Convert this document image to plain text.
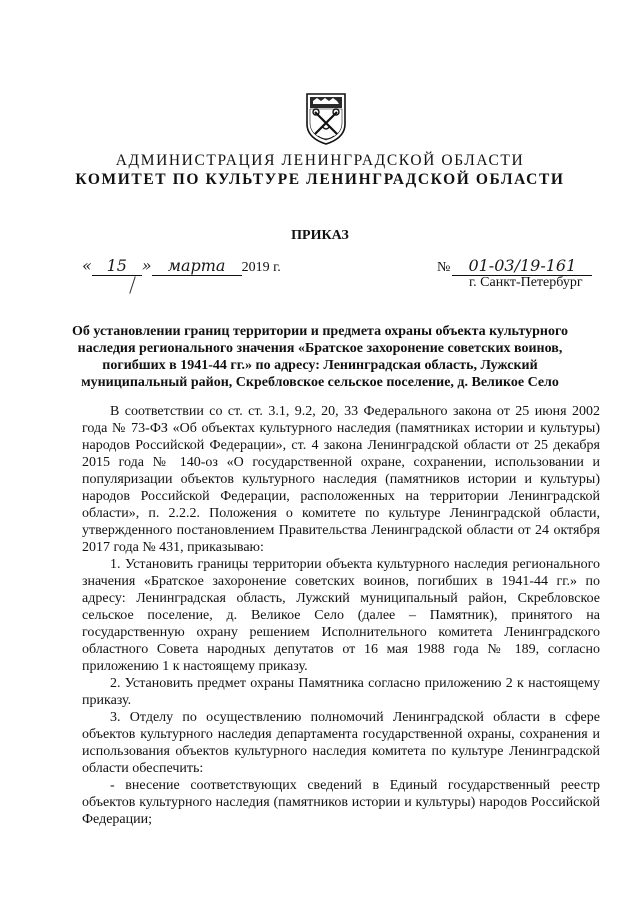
АДМИНИСТРАЦИЯ ЛЕНИНГРАДСКОЙ ОБЛАСТИ
КОМИТЕТ ПО КУЛЬТУРЕ ЛЕНИНГРАДСКОЙ ОБЛАСТИ
ПРИКАЗ
« 15 » марта 2019 г.	№ 01-03/19-161
г. Санкт-Петербург
Об установлении границ территории и предмета охраны объекта культурного наследия регионального значения «Братское захоронение советских воинов, погибших в 1941-44 гг.» по адресу: Ленинградская область, Лужский муниципальный район, Скребловское сельское поселение, д. Великое Село

В соответствии со ст. ст. 3.1, 9.2, 20, 33 Федерального закона от 25 июня 2002 года № 73-ФЗ «Об объектах культурного наследия (памятниках истории и культуры) народов Российской Федерации», ст. 4 закона Ленинградской области от 25 декабря 2015 года № 140-оз «О государственной охране, сохранении, использовании и популяризации объектов культурного наследия (памятников истории и культуры) народов Российской Федерации, расположенных на территории Ленинградской области», п. 2.2.2. Положения о комитете по культуре Ленинградской области, утвержденного постановлением Правительства Ленинградской области от 24 октября 2017 года № 431, приказываю:

1. Установить границы территории объекта культурного наследия регионального значения «Братское захоронение советских воинов, погибших в 1941-44 гг.» по адресу: Ленинградская область, Лужский муниципальный район, Скребловское сельское поселение, д. Великое Село (далее – Памятник), принятого на государственную охрану решением Исполнительного комитета Ленинградского областного Совета народных депутатов от 16 мая 1988 года № 189, согласно приложению 1 к настоящему приказу.

2. Установить предмет охраны Памятника согласно приложению 2 к настоящему приказу.

3. Отделу по осуществлению полномочий Ленинградской области в сфере объектов культурного наследия департамента государственной охраны, сохранения и использования объектов культурного наследия комитета по культуре Ленинградской области обеспечить:

- внесение соответствующих сведений в Единый государственный реестр объектов культурного наследия (памятников истории и культуры) народов Российской Федерации;
